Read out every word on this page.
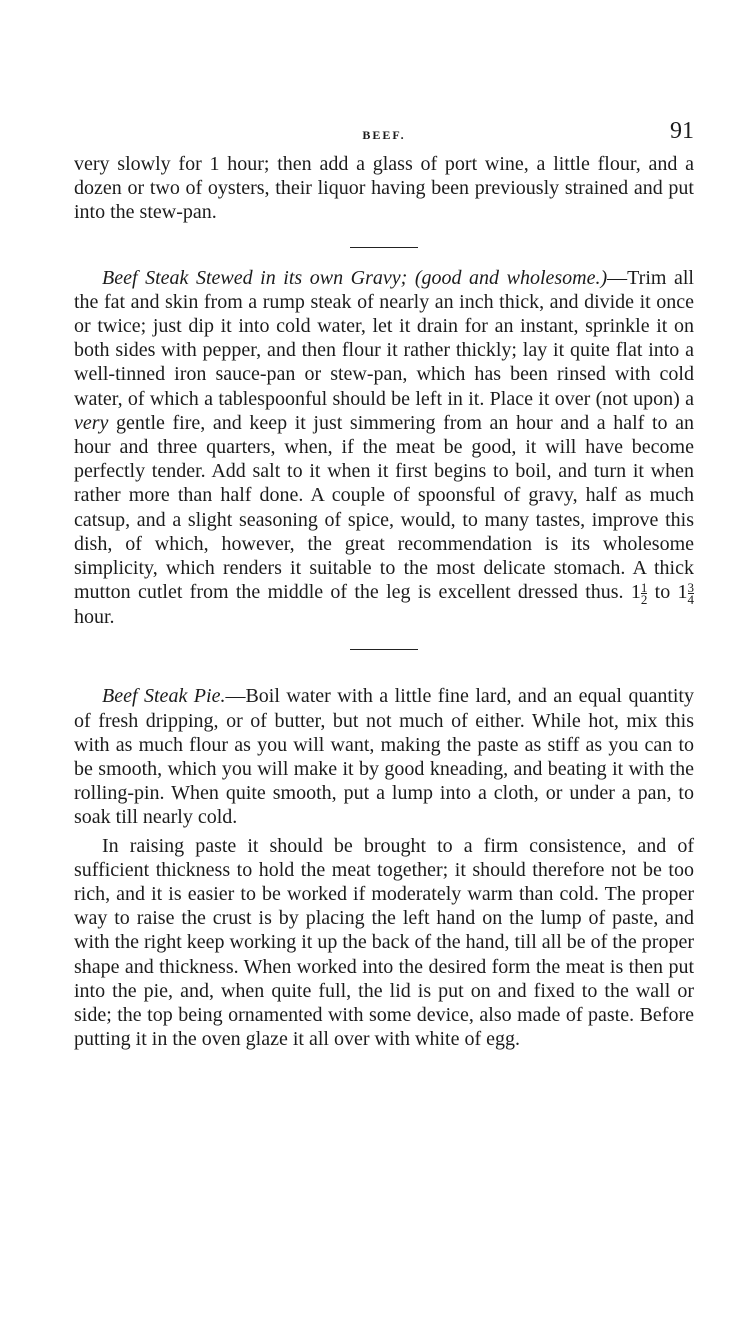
BEEF.	91

very slowly for 1 hour; then add a glass of port wine, a little flour, and a dozen or two of oysters, their liquor having been previously strained and put into the stew-pan.

Beef Steak Stewed in its own Gravy; (good and wholesome.)—Trim all the fat and skin from a rump steak of nearly an inch thick, and divide it once or twice; just dip it into cold water, let it drain for an instant, sprinkle it on both sides with pepper, and then flour it rather thickly; lay it quite flat into a well-tinned iron sauce-pan or stew-pan, which has been rinsed with cold water, of which a tablespoonful should be left in it. Place it over (not upon) a very gentle fire, and keep it just simmering from an hour and a half to an hour and three quarters, when, if the meat be good, it will have become perfectly tender. Add salt to it when it first begins to boil, and turn it when rather more than half done. A couple of spoonsful of gravy, half as much catsup, and a slight seasoning of spice, would, to many tastes, improve this dish, of which, however, the great recommendation is its wholesome simplicity, which renders it suitable to the most delicate stomach. A thick mutton cutlet from the middle of the leg is excellent dressed thus. $1 \frac{1}{2}$ to $1 \frac{3}{4}$
hour.

Beef Steak Pie.—Boil water with a little fine lard, and an equal quantity of fresh dripping, or of butter, but not much of either. While hot, mix this with as much flour as you will want, making the paste as stiff as you can to be smooth, which you will make it by good kneading, and beating it with the rolling-pin. When quite smooth, put a lump into a cloth, or under a pan, to soak till nearly cold.

In raising paste it should be brought to a firm consistence, and of sufficient thickness to hold the meat together; it should therefore not be too rich, and it is easier to be worked if moderately warm than cold. The proper way to raise the crust is by placing the left hand on the lump of paste, and with the right keep working it up the back of the hand, till all be of the proper shape and thickness. When worked into the desired form the meat is then put into the pie, and, when quite full, the lid is put on and fixed to the wall or side; the top being ornamented with some device, also made of paste. Before putting it in the oven glaze it all over with white of egg.
